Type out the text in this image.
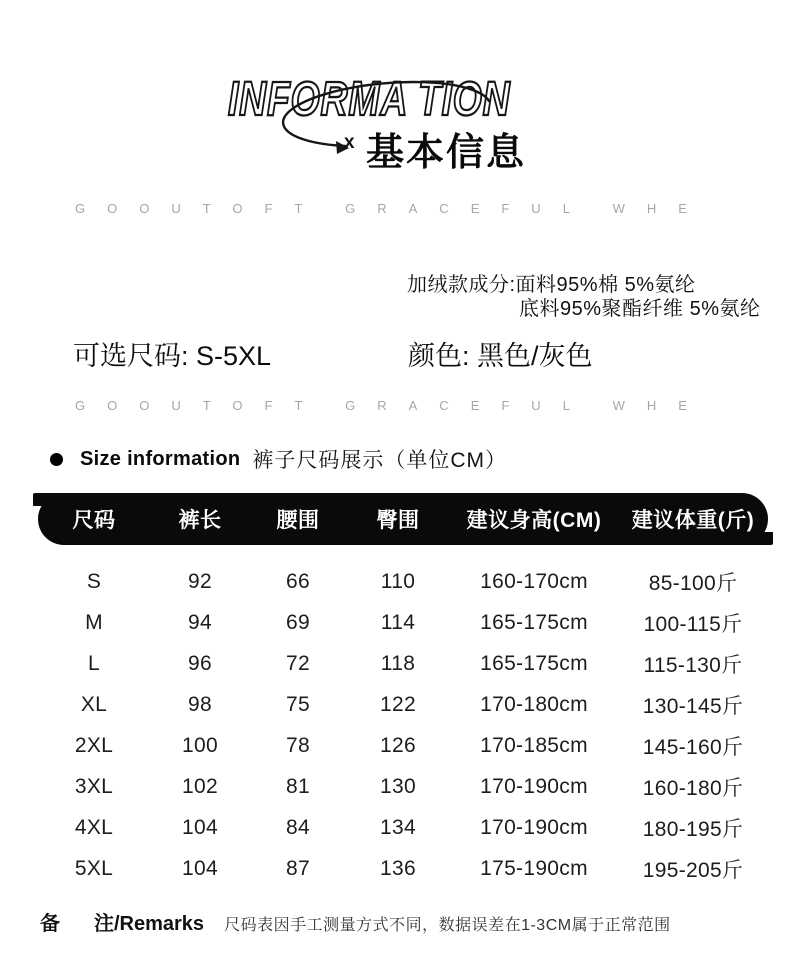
INFORMA TION
x 基本信息
GOOUTOFT GRACEFUL WHE
加绒款成分:面料95%棉 5%氨纶
底料95%聚酯纤维 5%氨纶
可选尺码: S-5XL	颜色: 黑色/灰色
GOOUTOFT GRACEFUL WHE
Size information 裤子尺码展示（单位CM）
尺码	裤长	腰围	臀围	建议身高(CM)	建议体重(斤)
S	92	66	110	160-170cm	85-100斤
M	94	69	114	165-175cm	100-115斤
L	96	72	118	165-175cm	115-130斤
XL	98	75	122	170-180cm	130-145斤
2XL	100	78	126	170-185cm	145-160斤
3XL	102	81	130	170-190cm	160-180斤
4XL	104	84	134	170-190cm	180-195斤
5XL	104	87	136	175-190cm	195-205斤
备 注/Remarks 尺码表因手工测量方式不同，数据误差在1-3CM属于正常范围
